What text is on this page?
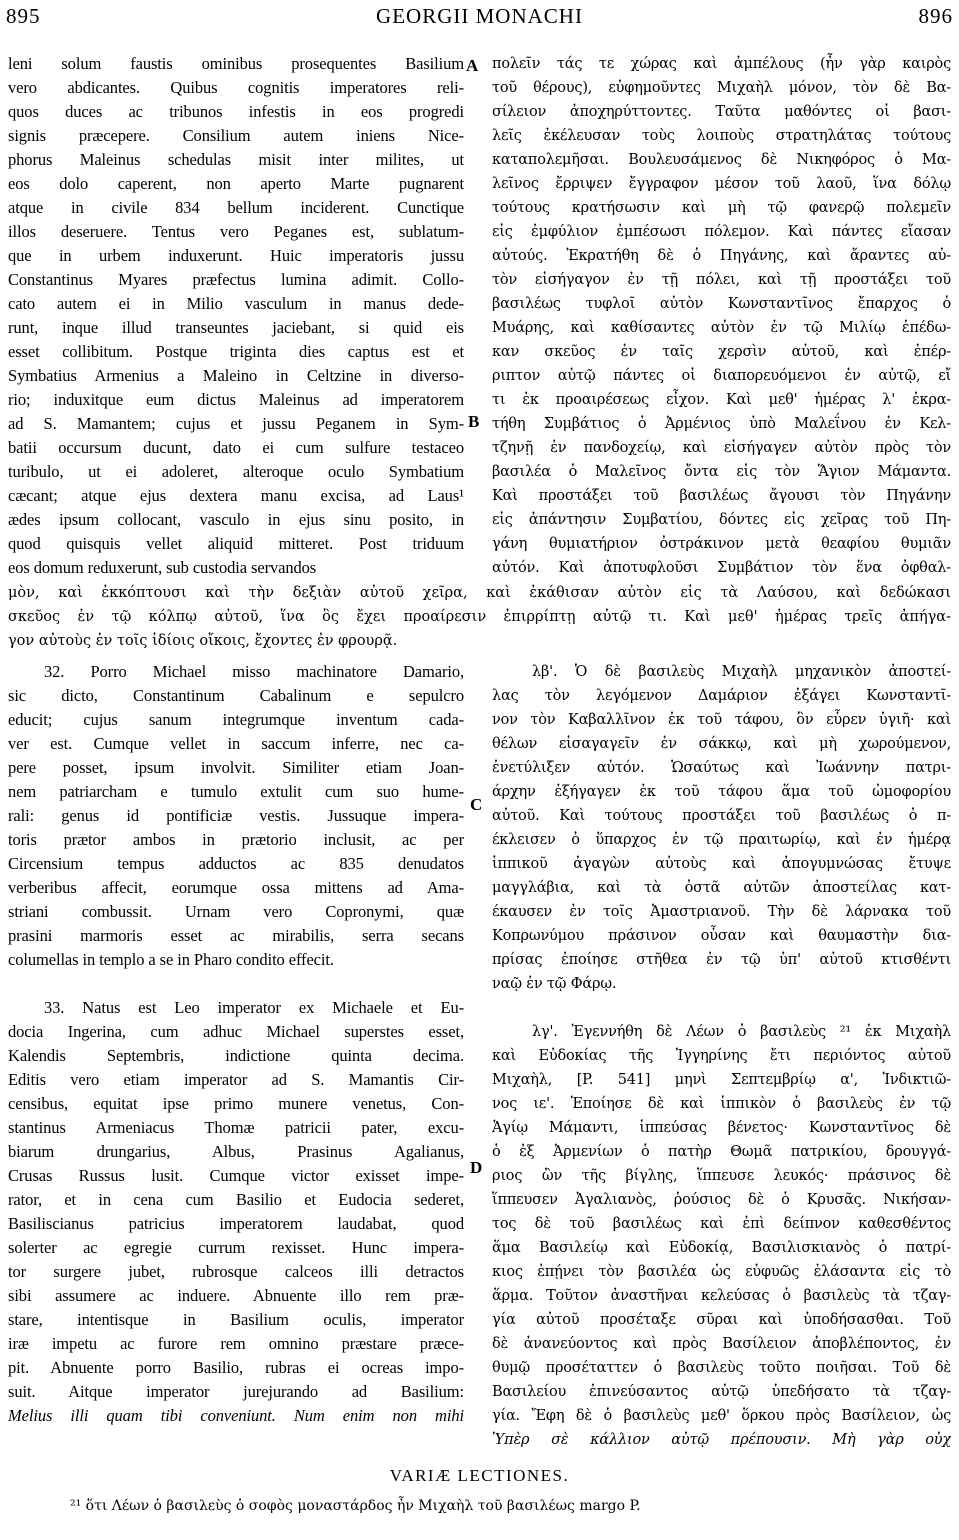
895	GEORGII MONACHI	896
leni solum faustis ominibus prosequentes Basilium
vero abdicantes. Quibus cognitis imperatores reli-
quos duces ac tribunos infestis in eos progredi
signis præcepere. Consilium autem iniens Nice-
phorus Maleinus schedulas misit inter milites, ut
eos dolo caperent, non aperto Marte pugnarent
atque in civile 834 bellum inciderent. Cunctique
illos deseruere. Tentus vero Peganes est, sublatum-
que in urbem induxerunt. Huic imperatoris jussu
Constantinus Myares præfectus lumina adimit. Collo-
cato autem ei in Milio vasculum in manus dede-
runt, inque illud transeuntes jaciebant, si quid eis
esset collibitum. Postque triginta dies captus est et
Symbatius Armenius a Maleino in Celtzine in diverso-
rio; induxitque eum dictus Maleinus ad imperatorem
ad S. Mamantem; cujus et jussu Peganem in Sym-
batii occursum ducunt, dato ei cum sulfure testaceo
turibulo, ut ei adoleret, alteroque oculo Symbatium
cæcant; atque ejus dextera manu excisa, ad Laus¹
ædes ipsum collocant, vasculo in ejus sinu posito, in
quod quisquis vellet aliquid mitteret. Post triduum
eos domum reduxerunt, sub custodia servandos
πολεῖν τάς τε χώρας καὶ ἀμπέλους (ἦν γὰρ καιρὸς
τοῦ θέρους), εὐφημοῦντες Μιχαὴλ μόνον, τὸν δὲ Βα-
σίλειον ἀποχηρύττοντες. Ταῦτα μαθόντες οἱ βασι-
λεῖς ἐκέλευσαν τοὺς λοιποὺς στρατηλάτας τούτους
καταπολεμῆσαι. Βουλευσάμενος δὲ Νικηφόρος ὁ Μα-
λεῖνος ἔρριψεν ἔγγραφον μέσον τοῦ λαοῦ, ἵνα δόλῳ
τούτους κρατήσωσιν καὶ μὴ τῷ φανερῷ πολεμεῖν
εἰς ἐμφύλιον ἐμπέσωσι πόλεμον. Καὶ πάντες εἴασαν
αὐτούς. Ἐκρατήθη δὲ ὁ Πηγάνης, καὶ ἄραντες αὐ-
τὸν εἰσήγαγον ἐν τῇ πόλει, καὶ τῇ προστάξει τοῦ
βασιλέως τυφλοῖ αὐτὸν Κωνσταντῖνος ἔπαρχος ὁ
Μυάρης, καὶ καθίσαντες αὐτὸν ἐν τῷ Μιλίῳ ἐπέδω-
καν σκεῦος ἐν ταῖς χερσὶν αὐτοῦ, καὶ ἐπέρ-
ριπτον αὐτῷ πάντες οἱ διαπορευόμενοι ἐν αὐτῷ, εἴ
τι ἐκ προαιρέσεως εἶχον. Καὶ μεθ' ἡμέρας λ' ἐκρα-
τήθη Συμβάτιος ὁ Ἀρμένιος ὑπὸ Μαλεΐνου ἐν Κελ-
τζηνῇ ἐν πανδοχείῳ, καὶ εἰσήγαγεν αὐτὸν πρὸς τὸν
βασιλέα ὁ Μαλεῖνος ὄντα εἰς τὸν Ἅγιον Μάμαντα.
Καὶ προστάξει τοῦ βασιλέως ἄγουσι τὸν Πηγάνην
εἰς ἀπάντησιν Συμβατίου, δόντες εἰς χεῖρας τοῦ Πη-
γάνη θυμιατήριον ὀστράκινον μετὰ θεαφίου θυμιᾶν
αὐτόν. Καὶ ἀποτυφλοῦσι Συμβάτιον τὸν ἕνα ὀφθαλ-
μὸν, καὶ ἐκκόπτουσι καὶ τὴν δεξιὰν αὐτοῦ χεῖρα, καὶ ἐκάθισαν αὐτὸν εἰς τὰ Λαύσου, καὶ δεδώκασι
σκεῦος ἐν τῷ κόλπῳ αὐτοῦ, ἵνα ὃς ἔχει προαίρεσιν ἐπιρρίπτῃ αὐτῷ τι. Καὶ μεθ' ἡμέρας τρεῖς ἀπήγα-
γον αὐτοὺς ἐν τοῖς ἰδίοις οἴκοις, ἔχοντες ἐν φρουρᾷ.
32. Porro Michael misso machinatore Damario,
sic dicto, Constantinum Cabalinum e sepulcro
educit; cujus sanum integrumque inventum cada-
ver est. Cumque vellet in saccum inferre, nec ca-
pere posset, ipsum involvit. Similiter etiam Joan-
nem patriarcham e tumulo extulit cum suo hume-
rali: genus id pontificiæ vestis. Jussuque impera-
toris prætor ambos in prætorio inclusit, ac per
Circensium tempus adductos ac 835 denudatos
verberibus affecit, eorumque ossa mittens ad Ama-
striani combussit. Urnam vero Copronymi, quæ
prasini marmoris esset ac mirabilis, serra secans
columellas in templo a se in Pharo condito effecit.
33. Natus est Leo imperator ex Michaele et Eu-
docia Ingerina, cum adhuc Michael superstes esset,
Kalendis Septembris, indictione quinta decima.
Editis vero etiam imperator ad S. Mamantis Cir-
censibus, equitat ipse primo munere venetus, Con-
stantinus Armeniacus Thomæ patricii pater, excu-
biarum drungarius, Albus, Prasinus Agalianus,
Crusas Russus lusit. Cumque victor exisset impe-
rator, et in cena cum Basilio et Eudocia sederet,
Basiliscianus patricius imperatorem laudabat, quod
solerter ac egregie currum rexisset. Hunc impera-
tor surgere jubet, rubrosque calceos illi detractos
sibi assumere ac induere. Abnuente illo rem præ-
stare, intentisque in Basilium oculis, imperator
iræ impetu ac furore rem omnino præstare præce-
pit. Abnuente porro Basilio, rubras ei ocreas impo-
suit. Aitque imperator jurejurando ad Basilium:
Melius illi quam tibi conveniunt. Num enim non mihi
λβ'. Ὁ δὲ βασιλεὺς Μιχαὴλ μηχανικὸν ἀποστεί-
λας τὸν λεγόμενον Δαμάριον ἐξάγει Κωνσταντῖ-
νον τὸν Καβαλλῖνον ἐκ τοῦ τάφου, ὃν εὗρεν ὑγιῆ· καὶ
θέλων εἰσαγαγεῖν ἐν σάκκῳ, καὶ μὴ χωρούμενον,
ἐνετύλιξεν αὐτόν. Ὡσαύτως καὶ Ἰωάννην πατρι-
άρχην ἐξήγαγεν ἐκ τοῦ τάφου ἅμα τοῦ ὠμοφορίου
αὐτοῦ. Καὶ τούτους προστάξει τοῦ βασιλέως ὁ π-
έκλεισεν ὁ ὕπαρχος ἐν τῷ πραιτωρίῳ, καὶ ἐν ἡμέρᾳ
ἱππικοῦ ἀγαγὼν αὐτοὺς καὶ ἀπογυμνώσας ἔτυψε
μαγγλάβια, καὶ τὰ ὀστᾶ αὐτῶν ἀποστείλας κατ-
έκαυσεν ἐν τοῖς Ἀμαστριανοῦ. Τὴν δὲ λάρνακα τοῦ
Κοπρωνύμου πράσινον οὖσαν καὶ θαυμαστὴν δια-
πρίσας ἐποίησε στῆθεα ἐν τῷ ὑπ' αὐτοῦ κτισθέντι
ναῷ ἐν τῷ Φάρῳ.
λγ'. Ἐγεννήθη δὲ Λέων ὁ βασιλεὺς ²¹ ἐκ Μιχαὴλ
καὶ Εὐδοκίας τῆς Ἰγγηρίνης ἔτι περιόντος αὐτοῦ
Μιχαὴλ, [P. 541] μηνὶ Σεπτεμβρίῳ α', Ἰνδικτιῶ-
νος ιε'. Ἐποίησε δὲ καὶ ἱππικὸν ὁ βασιλεὺς ἐν τῷ
Ἁγίῳ Μάμαντι, ἱππεύσας βένετος· Κωνσταντῖνος δὲ
ὁ ἐξ Ἀρμενίων ὁ πατὴρ Θωμᾶ πατρικίου, δρουγγά-
ριος ὢν τῆς βίγλης, ἵππευσε λευκός· πράσινος δὲ
ἵππευσεν Ἀγαλιανὸς, ῥούσιος δὲ ὁ Κρυσᾶς. Νικήσαν-
τος δὲ τοῦ βασιλέως καὶ ἐπὶ δείπνον καθεσθέντος
ἅμα Βασιλείῳ καὶ Εὐδοκίᾳ, Βασιλισκιανὸς ὁ πατρί-
κιος ἐπῄνει τὸν βασιλέα ὡς εὐφυῶς ἐλάσαντα εἰς τὸ
ἅρμα. Τοῦτον ἀναστῆναι κελεύσας ὁ βασιλεὺς τὰ τζαγ-
γία αὐτοῦ προσέταξε σῦραι καὶ ὑποδήσασθαι. Τοῦ
δὲ ἀνανεύοντος καὶ πρὸς Βασίλειον ἀποβλέποντος, ἐν
θυμῷ προσέταττεν ὁ βασιλεὺς τοῦτο ποιῆσαι. Τοῦ δὲ
Βασιλείου ἐπινεύσαντος αὐτῷ ὑπεδήσατο τὰ τζαγ-
γία. Ἔφη δὲ ὁ βασιλεὺς μεθ' ὅρκου πρὸς Βασίλειον, ὡς
Ὑπὲρ σὲ κάλλιον αὐτῷ πρέπουσιν. Μὴ γὰρ οὐχ
A
B
C
D
VARIÆ LECTIONES.
²¹ ὅτι Λέων ὁ βασιλεὺς ὁ σοφὸς μοναστάρδος ἦν Μιχαὴλ τοῦ βασιλέως margo P.
